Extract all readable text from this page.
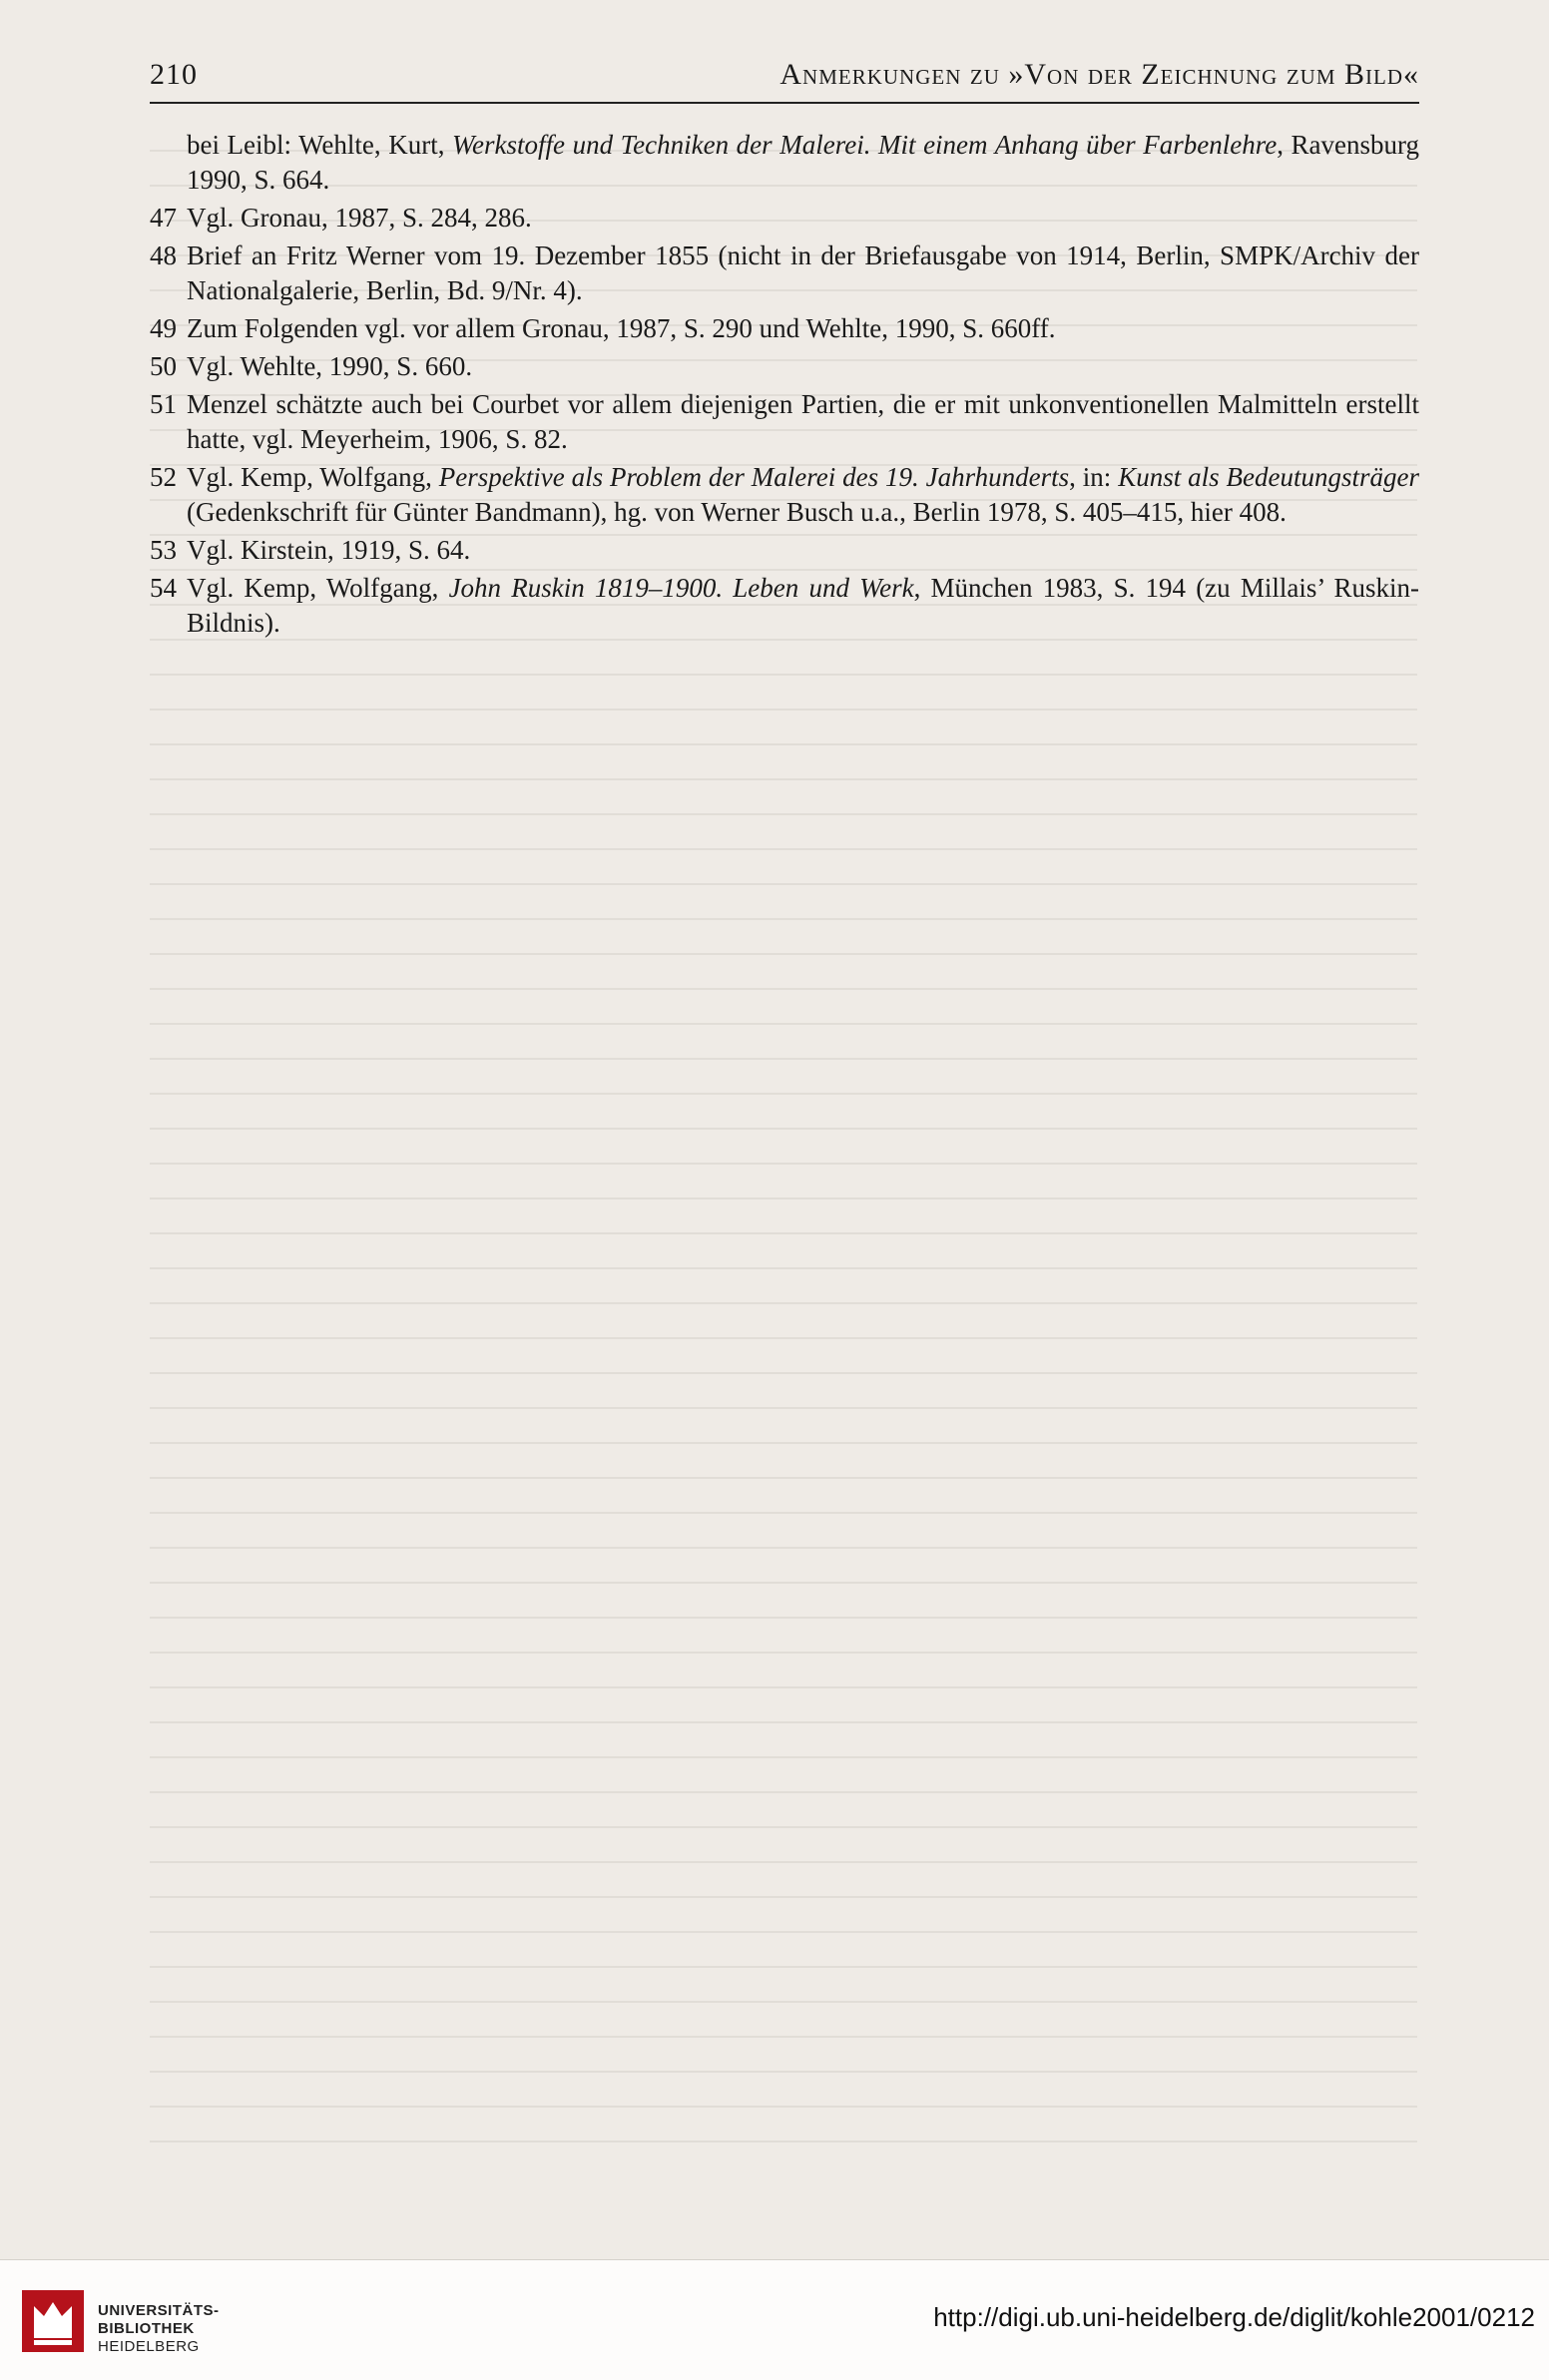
210	Anmerkungen zu »Von der Zeichnung zum Bild«

bei Leibl: Wehlte, Kurt, Werkstoffe und Techniken der Malerei. Mit einem Anhang über Farbenlehre, Ravensburg 1990, S. 664.

47 Vgl. Gronau, 1987, S. 284, 286.

48 Brief an Fritz Werner vom 19. Dezember 1855 (nicht in der Briefausgabe von 1914, Berlin, SMPK/Archiv der Nationalgalerie, Berlin, Bd. 9/Nr. 4).

49 Zum Folgenden vgl. vor allem Gronau, 1987, S. 290 und Wehlte, 1990, S. 660ff.

50 Vgl. Wehlte, 1990, S. 660.

51 Menzel schätzte auch bei Courbet vor allem diejenigen Partien, die er mit unkonventionellen Malmitteln erstellt hatte, vgl. Meyerheim, 1906, S. 82.

52 Vgl. Kemp, Wolfgang, Perspektive als Problem der Malerei des 19. Jahrhunderts, in: Kunst als Bedeutungsträger (Gedenkschrift für Günter Bandmann), hg. von Werner Busch u.a., Berlin 1978, S. 405–415, hier 408.

53 Vgl. Kirstein, 1919, S. 64.

54 Vgl. Kemp, Wolfgang, John Ruskin 1819–1900. Leben und Werk, München 1983, S. 194 (zu Millais’ Ruskin-Bildnis).

UNIVERSITÄTS-
BIBLIOTHEK
HEIDELBERG
http://digi.ub.uni-heidelberg.de/diglit/kohle2001/0212
